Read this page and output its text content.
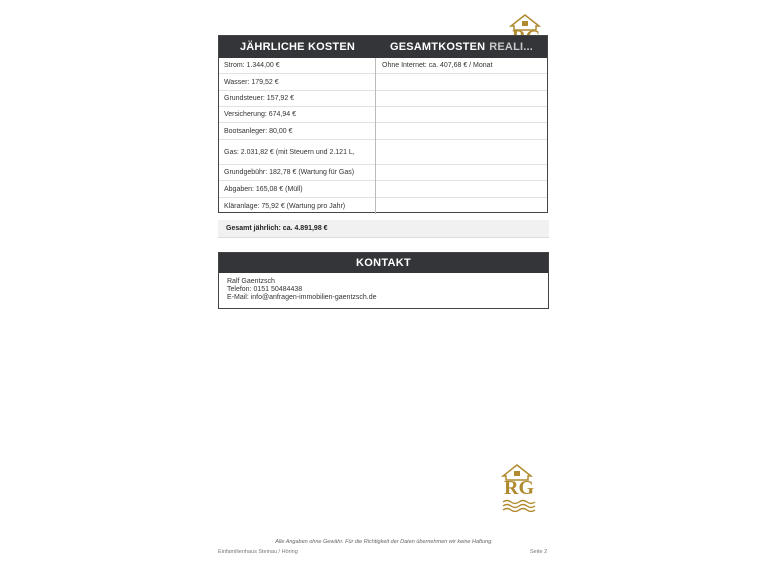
JÄHRLICHE KOSTEN	GESAMTKOSTEN REALI...
Strom: 1.344,00 €
Wasser: 179,52 €
Grundsteuer: 157,92 €
Versicherung: 674,94 €
Bootsanleger: 80,00 €
Gas: 2.031,82 € (mit Steuern und 2.121 L,
Grundgebühr: 182,78 € (Wartung für Gas)
Abgaben: 165,08 € (Müll)
Kläranlage: 75,92 € (Wartung pro Jahr)
Ohne Internet: ca. 407,68 € / Monat
Gesamt jährlich: ca. 4.891,98 €
KONTAKT
Ralf Gaentzsch
Telefon: 0151 50484438
E-Mail: info@anfragen-immobilien-gaentzsch.de
RG
Alle Angaben ohne Gewähr. Für die Richtigkeit der Daten übernehmen wir keine Haftung.
Einfamilienhaus Steinau / Höring	Seite 2
